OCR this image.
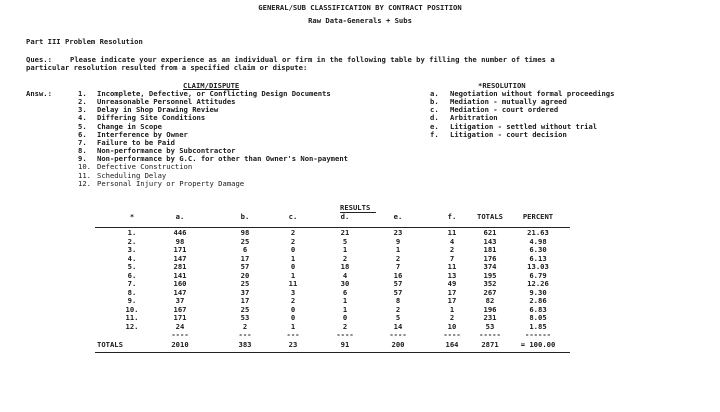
GENERAL/SUB CLASSIFICATION BY CONTRACT POSITION
Raw Data-Generals + Subs
Part III Problem Resolution
Ques.:	Please indicate your experience as an individual or firm in the following table by filling the number of times a
particular resolution resulted from a specified claim or dispute:
CLAIM/DISPUTE	*RESOLUTION
Answ.:	1. Incomplete, Defective, or Conflicting Design Documents
2. Unreasonable Personnel Attitudes
3. Delay in Shop Drawing Review
4. Differing Site Conditions
5. Change in Scope
6. Interference by Owner
7. Failure to be Paid
8. Non-performance by Subcontractor
9. Non-performance by G.C. for other than Owner's Non-payment
10. Defective Construction
11. Scheduling Delay
12. Personal Injury or Property Damage
a. Negotiation without formal proceedings
b. Mediation - mutually agreed
c. Mediation - court ordered
d. Arbitration
e. Litigation - settled without trial
f. Litigation - court decision
RESULTS
*	a.	b.	c.	d.	e.	f.	TOTALS	PERCENT
1.	446	98	2	21	23	11	621	21.63
2.	98	25	2	5	9	4	143	4.98
3.	171	6	0	1	1	2	181	6.30
4.	147	17	1	2	2	7	176	6.13
5.	281	57	0	18	7	11	374	13.03
6.	141	20	1	4	16	13	195	6.79
7.	160	25	11	30	57	49	352	12.26
8.	147	37	3	6	57	17	267	9.30
9.	37	17	2	1	8	17	82	2.86
10.	167	25	0	1	2	1	196	6.83
11.	171	53	0	0	5	2	231	8.05
12.	24	2	1	2	14	10	53	1.85
----	---	---	----	----	----	-----	------
TOTALS	2010	383	23	91	200	164	2871	= 100.00
